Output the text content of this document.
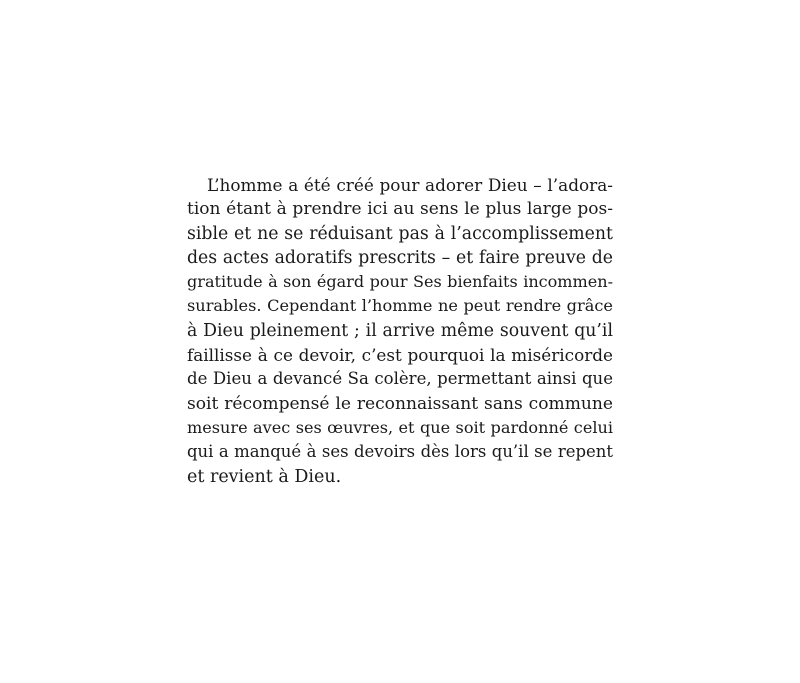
L’homme a été créé pour adorer Dieu – l’adora-
tion étant à prendre ici au sens le plus large pos-
sible et ne se réduisant pas à l’accomplissement
des actes adoratifs prescrits – et faire preuve de
gratitude à son égard pour Ses bienfaits incommen-
surables. Cependant l’homme ne peut rendre grâce
à Dieu pleinement ; il arrive même souvent qu’il
faillisse à ce devoir, c’est pourquoi la miséricorde
de Dieu a devancé Sa colère, permettant ainsi que
soit récompensé le reconnaissant sans commune
mesure avec ses œuvres, et que soit pardonné celui
qui a manqué à ses devoirs dès lors qu’il se repent
et revient à Dieu.
